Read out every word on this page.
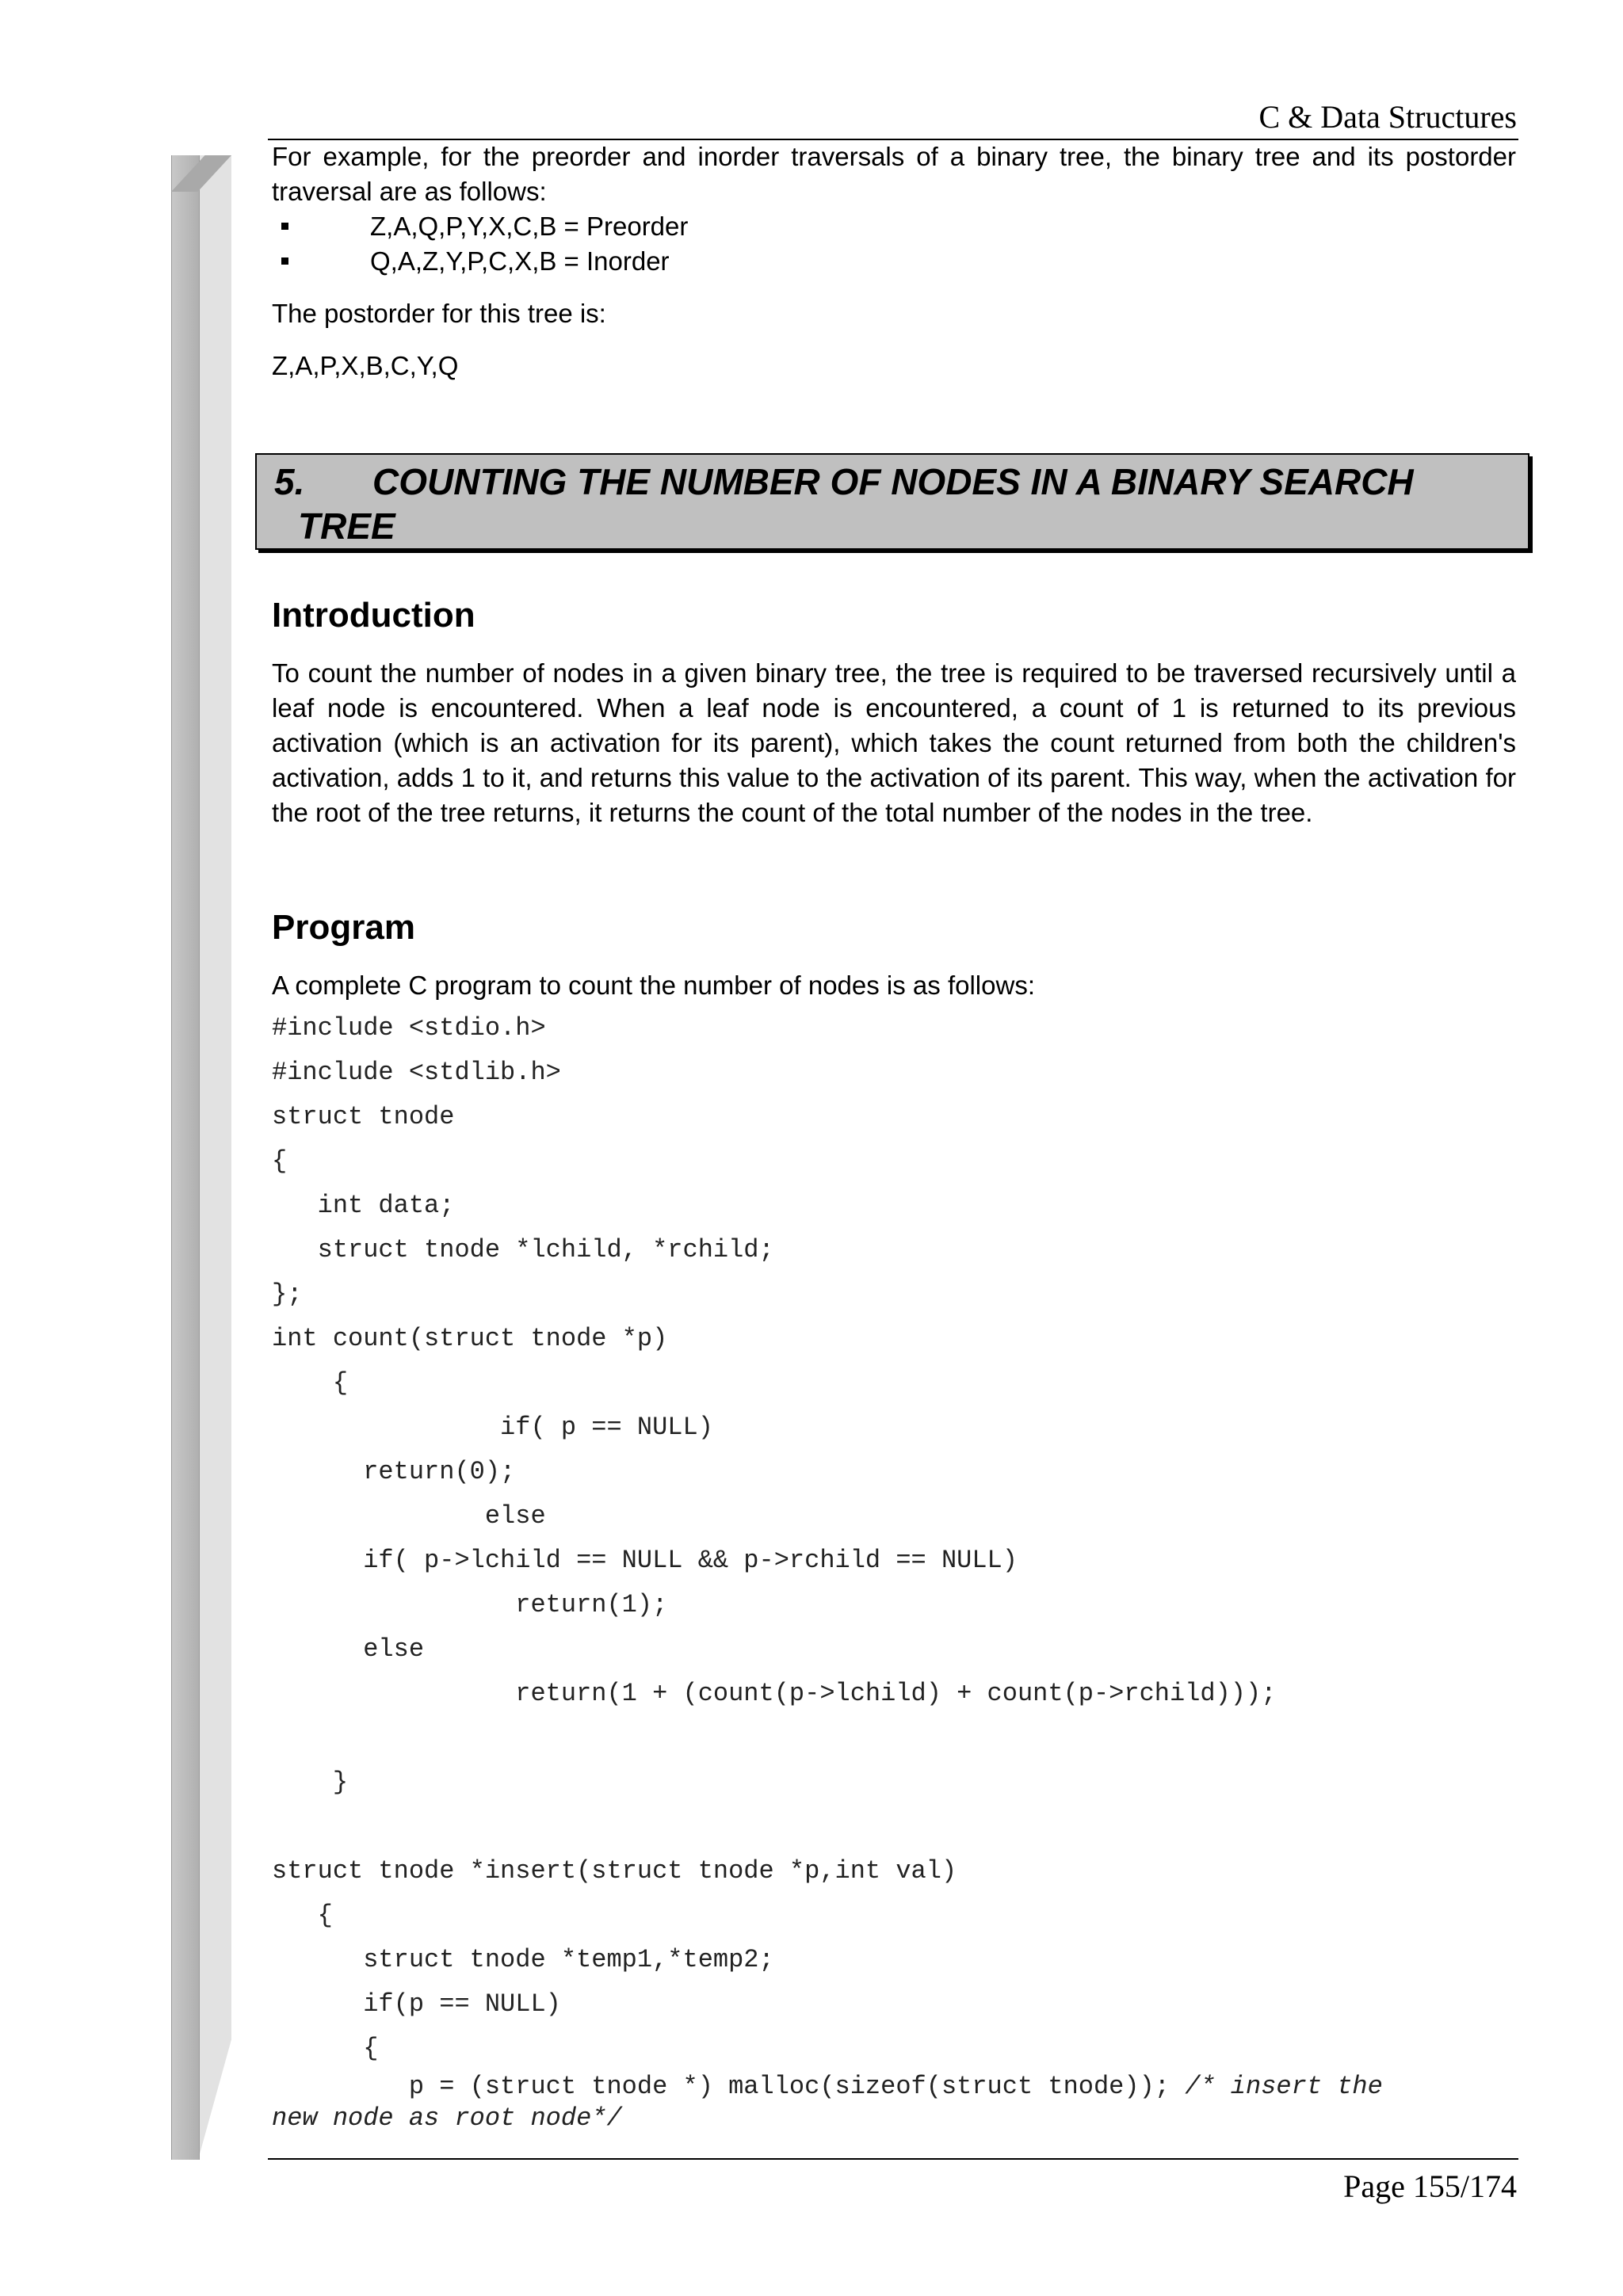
C & Data Structures

For example, for the preorder and inorder traversals of a binary tree, the binary tree and its postorder traversal are as follows:

Z,A,Q,P,Y,X,C,B = Preorder
Q,A,Z,Y,P,C,X,B = Inorder

The postorder for this tree is:

Z,A,P,X,B,C,Y,Q

5. COUNTING THE NUMBER OF NODES IN A BINARY SEARCH
TREE
Introduction

To count the number of nodes in a given binary tree, the tree is required to be traversed recursively until a leaf node is encountered. When a leaf node is encountered, a count of 1 is returned to its previous activation (which is an activation for its parent), which takes the count returned from both the children's activation, adds 1 to it, and returns this value to the activation of its parent. This way, when the activation for the root of the tree returns, it returns the count of the total number of the nodes in the tree.

Program

A complete C program to count the number of nodes is as follows:

#include <stdio.h>
#include <stdlib.h>
struct tnode
{
int data;
struct tnode *lchild, *rchild;
};
int count(struct tnode *p)
{
if( p == NULL)
return(0);
else
if( p->lchild == NULL && p->rchild == NULL)
return(1);
else
return(1 + (count(p->lchild) + count(p->rchild)));

}

struct tnode *insert(struct tnode *p,int val)
{
struct tnode *temp1,*temp2;
if(p == NULL)
{
p = (struct tnode *) malloc(sizeof(struct tnode)); /* insert the
new node as root node*/
Page 155/174
